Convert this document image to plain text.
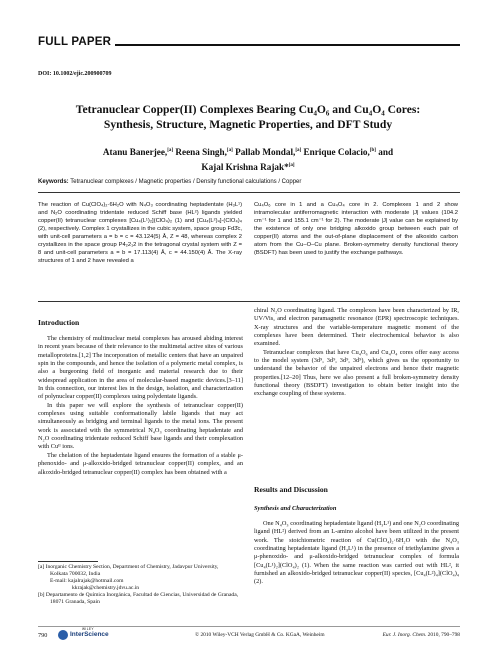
FULL PAPER
DOI: 10.1002/ejic.200900709
Tetranuclear Copper(II) Complexes Bearing Cu₄O₆ and Cu₄O₄ Cores:
Synthesis, Structure, Magnetic Properties, and DFT Study
Atanu Banerjee,[a] Reena Singh,[a] Pallab Mondal,[a] Enrique Colacio,[b] and
Kajal Krishna Rajak*[a]
Keywords: Tetranuclear complexes / Magnetic properties / Density functional calculations / Copper
The reaction of Cu(ClO₄)₂·6H₂O with N₄O₃ coordinating heptadentate (H₃L¹) and N₂O coordinating tridentate reduced Schiff base (HL²) ligands yielded copper(II) tetranuclear complexes [Cu₄(L¹)₂](ClO₄)₂ (1) and [Cu₄(L²)₄]-(ClO₄)₄ (2), respectively. Complex 1 crystallizes in the cubic system, space group Fd3̄c, with unit-cell parameters a = b = c = 43.124(5) Å, Z = 48, whereas complex 2 crystallizes in the space group P4₂2₁2 in the tetragonal crystal system with Z = 8 and unit-cell parameters a = b = 17.113(4) Å, c = 44.150(4) Å. The X-ray structures of 1 and 2 have revealed a
Cu₄O₆ core in 1 and a Cu₄O₄ core in 2. Complexes 1 and 2 show intramolecular antiferromagnetic interaction with moderate |J| values (104.2 cm⁻¹ for 1 and 155.1 cm⁻¹ for 2). The moderate |J| value can be explained by the existence of only one bridging alkoxido group between each pair of copper(II) atoms and the out-of-plane displacement of the alkoxido carbon atom from the Cu–O–Cu plane. Broken-symmetry density functional theory (BSDFT) has been used to justify the exchange pathways.
Introduction

The chemistry of multinuclear metal complexes has aroused abiding interest in recent years because of their relevance to the multimetal active sites of various metalloproteins.[1,2] The incorporation of metallic centers that have an unpaired spin in the compounds, and hence the isolation of a polymeric metal complex, is also a burgeoning field of inorganic and material research due to their widespread application in the area of molecular-based magnetic devices.[3–11] In this connection, our interest lies in the design, isolation, and characterization of polynuclear copper(II) complexes using polydentate ligands.

In this paper we will explore the synthesis of tetranuclear copper(II) complexes using suitable conformationally labile ligands that may act simultaneously as bridging and terminal ligands to the metal ions. The present work is associated with the symmetrical N₄O₃ coordinating heptadentate and N₂O coordinating tridentate reduced Schiff base ligands and their complexation with Cuᴵᴵ ions.

The chelation of the heptadentate ligand ensures the formation of a stable μ-phenoxido- and μ-alkoxido-bridged tetranuclear copper(II) complex, and an alkoxido-bridged tetranuclear copper(II) complex has been obtained with a

chiral N₂O coordinating ligand. The complexes have been characterized by IR, UV/Vis, and electron paramagnetic resonance (EPR) spectroscopic techniques. X-ray structures and the variable-temperature magnetic moment of the complexes have been determined. Their electrochemical behavior is also examined.

Tetranuclear complexes that have Cu₄O₆ and Cu₄O₄ cores offer easy access to the model system (3d⁹, 3d⁹, 3d⁹, 3d⁹), which gives us the opportunity to understand the behavior of the unpaired electrons and hence their magnetic properties.[12–20] Thus, here we also present a full broken-symmetry density functional theory (BSDFT) investigation to obtain better insight into the exchange coupling of these systems.

Results and Discussion
Synthesis and Characterization

One N₄O₃ coordinating heptadentate ligand (H₃L¹) and one N₂O coordinating ligand (HL²) derived from an L-amino alcohol have been utilized in the present work. The stoichiometric reaction of Cu(ClO₄)₂·6H₂O with the N₄O₃ coordinating heptadentate ligand (H₃L¹) in the presence of triethylamine gives a μ-phenoxido- and μ-alkoxido-bridged tetranuclear complex of formula [Cu₄(L¹)₂](ClO₄)₂ (1). When the same reaction was carried out with HL², it furnished an alkoxido-bridged tetranuclear copper(II) species, [Cu₄(L²)₄](ClO₄)₄ (2).

[a] Inorganic Chemistry Section, Department of Chemistry, Jadavpur University,
Kolkata 700032, India
E-mail: kajalrajak@hotmail.com
kkrajak@chemistry.jdvu.ac.in
[b] Departamento de Química Inorgánica, Facultad de Ciencias, Universidad de Granada,
18071 Granada, Spain
790
WILEY
InterScience	© 2010 Wiley-VCH Verlag GmbH & Co. KGaA, Weinheim	Eur. J. Inorg. Chem. 2010, 790–798
